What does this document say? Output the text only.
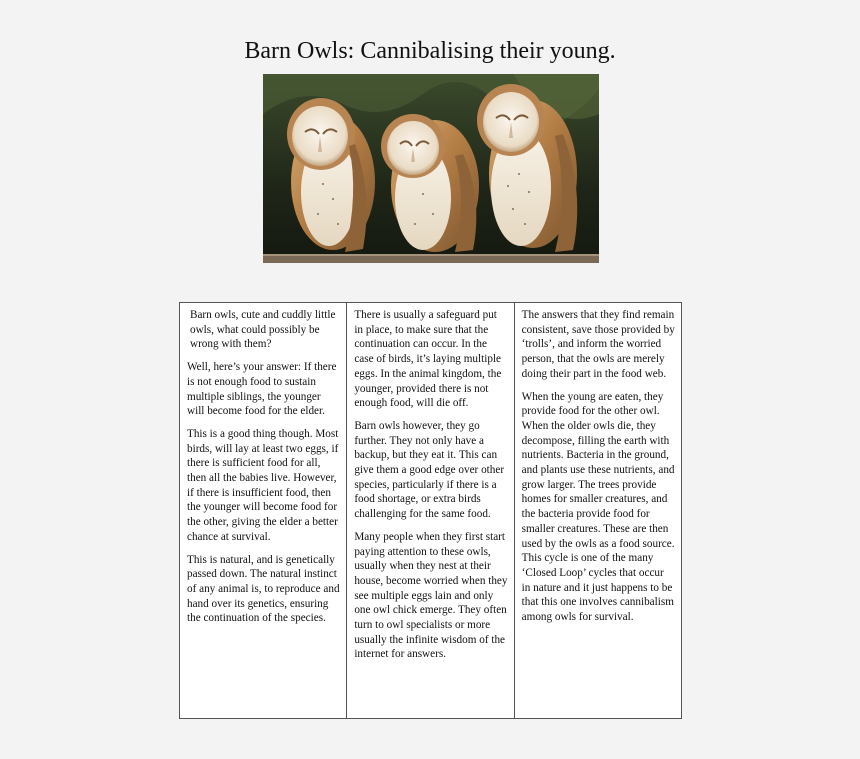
Barn Owls: Cannibalising their young.

Barn owls, cute and cuddly little owls, what could possibly be wrong with them?

Well, here’s your answer: If there is not enough food to sustain multiple siblings, the younger will become food for the elder.

This is a good thing though. Most birds, will lay at least two eggs, if there is sufficient food for all, then all the babies live. However, if there is insufficient food, then the younger will become food for the other, giving the elder a better chance at survival.

This is natural, and is genetically passed down. The natural instinct of any animal is, to reproduce and hand over its genetics, ensuring the continuation of the species.

There is usually a safeguard put in place, to make sure that the continuation can occur. In the case of birds, it’s laying multiple eggs. In the animal kingdom, the younger, provided there is not enough food, will die off.

Barn owls however, they go further. They not only have a backup, but they eat it. This can give them a good edge over other species, particularly if there is a food shortage, or extra birds challenging for the same food.

Many people when they first start paying attention to these owls, usually when they nest at their house, become worried when they see multiple eggs lain and only one owl chick emerge. They often turn to owl specialists or more usually the infinite wisdom of the internet for answers.

The answers that they find remain consistent, save those provided by ‘trolls’, and inform the worried person, that the owls are merely doing their part in the food web.

When the young are eaten, they provide food for the other owl. When the older owls die, they decompose, filling the earth with nutrients. Bacteria in the ground, and plants use these nutrients, and grow larger. The trees provide homes for smaller creatures, and the bacteria provide food for smaller creatures. These are then used by the owls as a food source. This cycle is one of the many ‘Closed Loop’ cycles that occur in nature and it just happens to be that this one involves cannibalism among owls for survival.
